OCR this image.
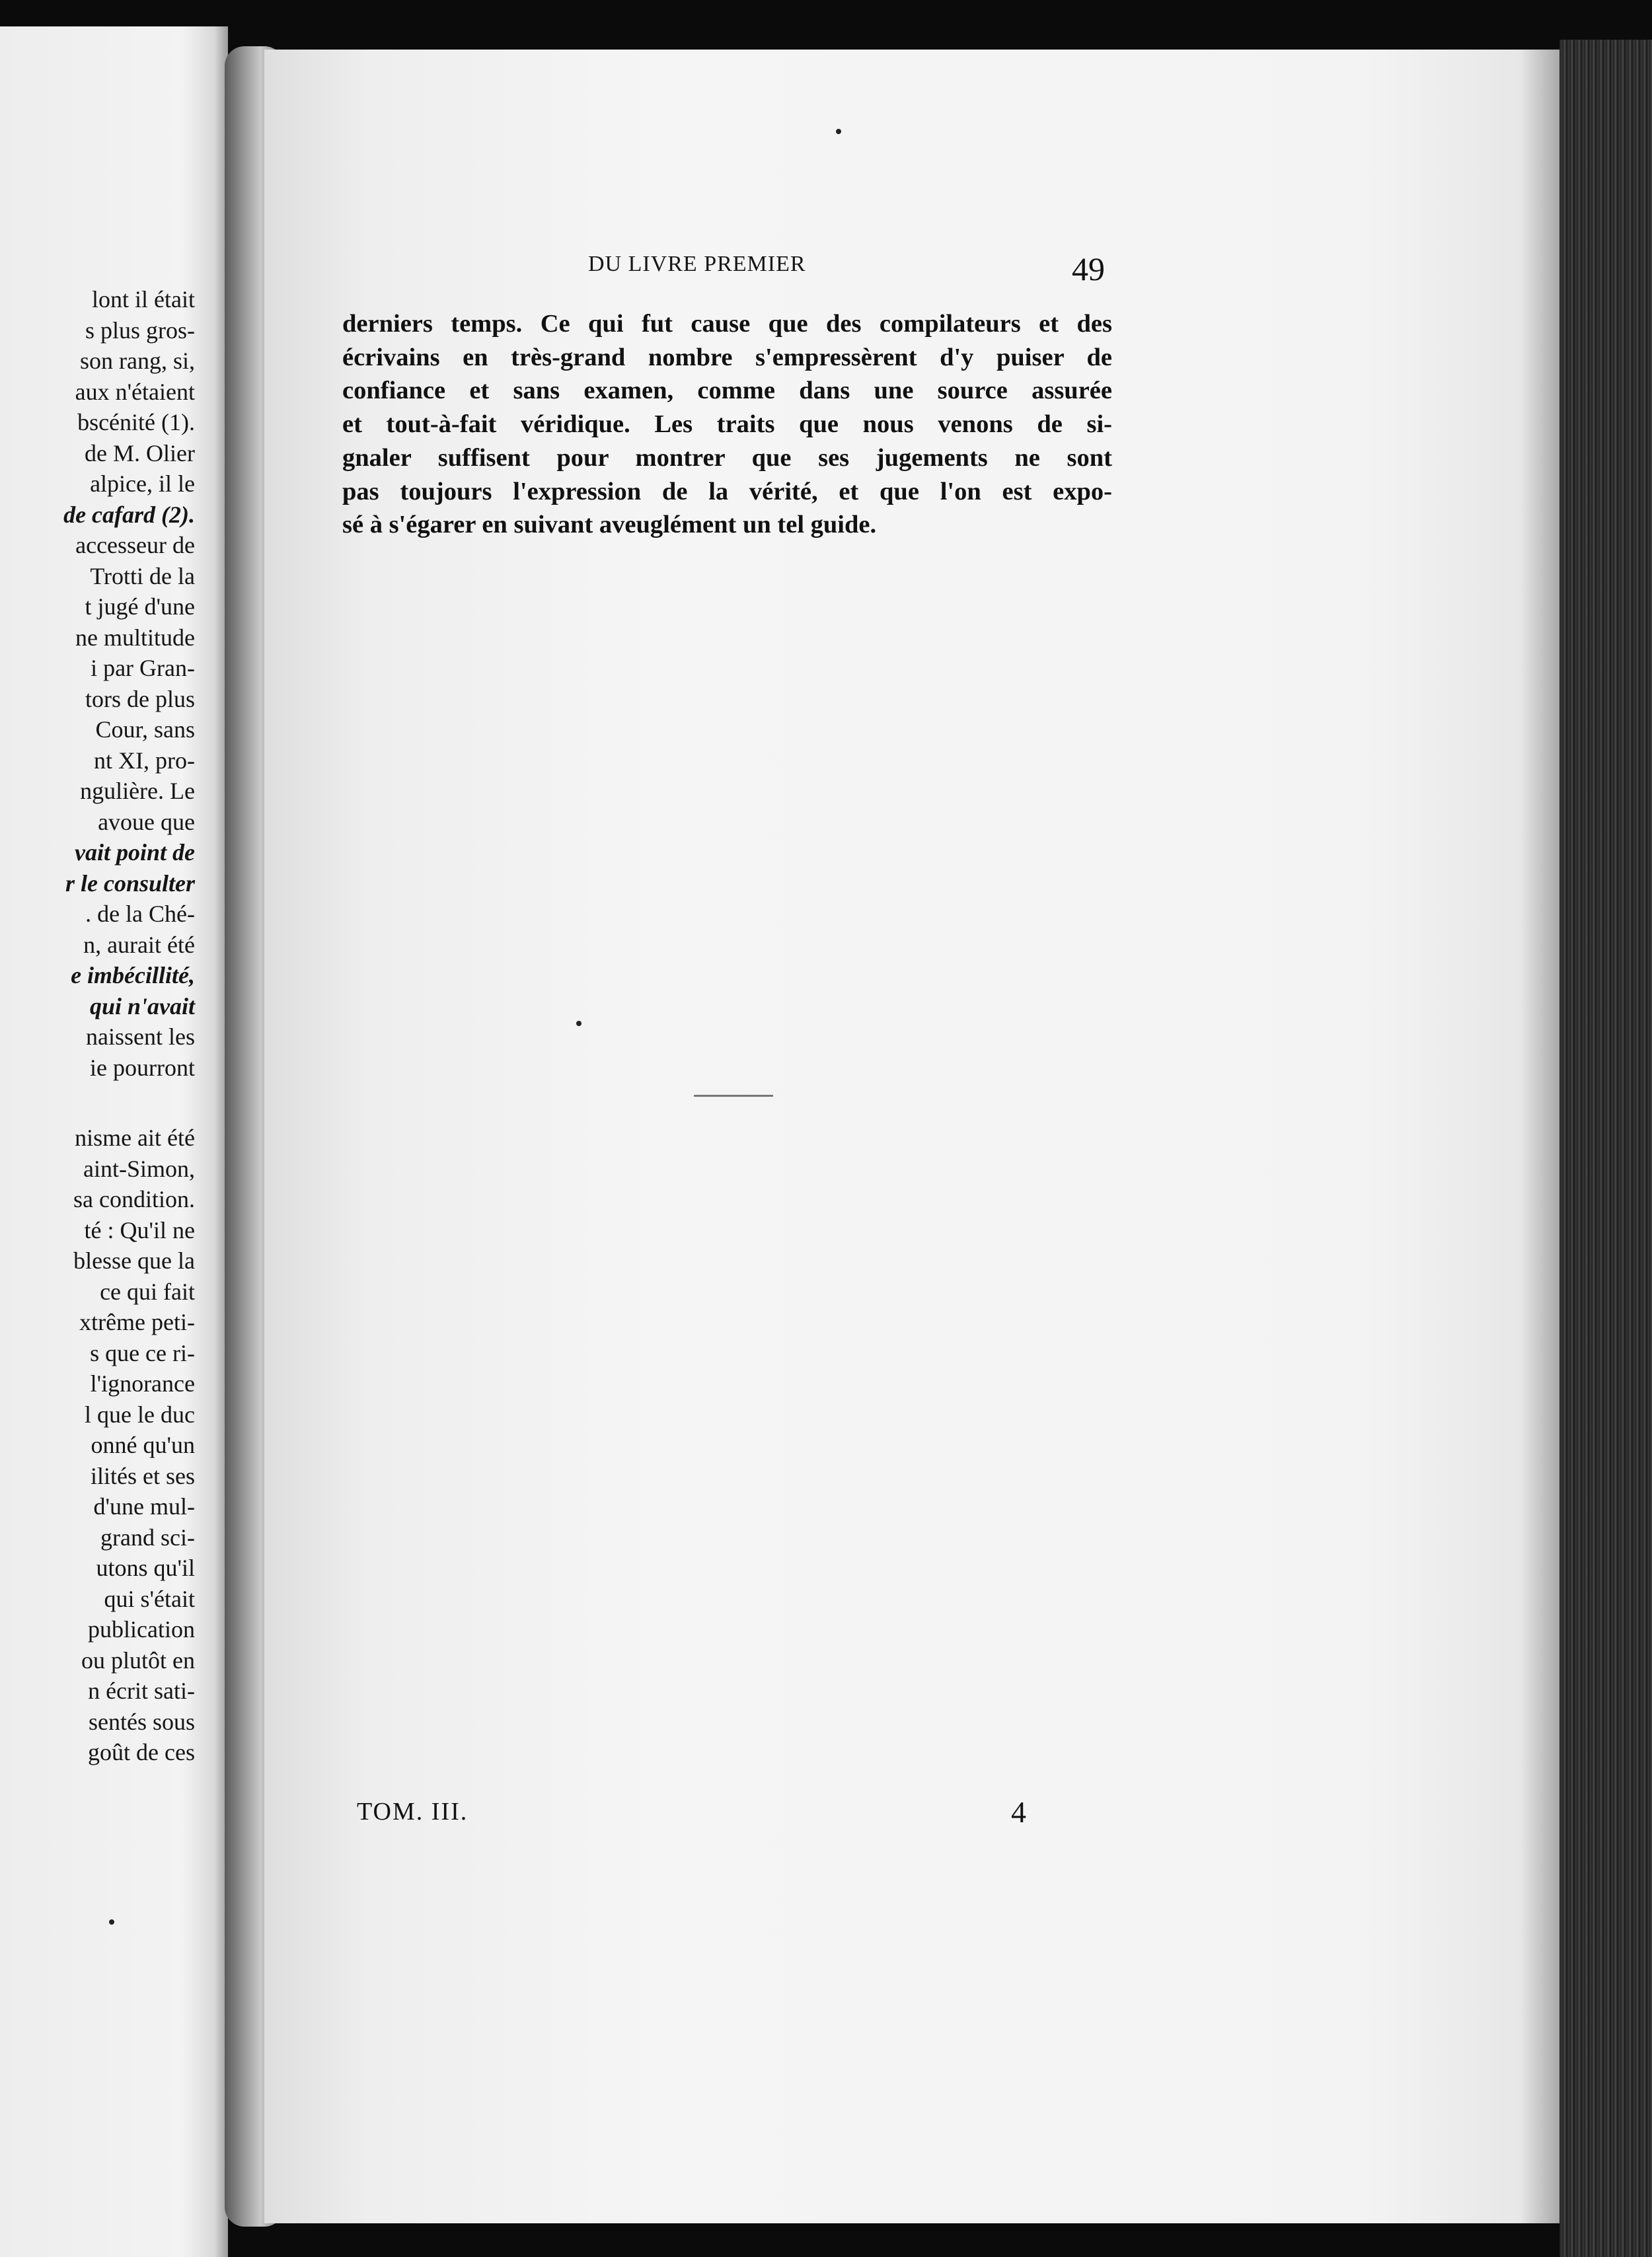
lont il était
s plus gros-
son rang, si,
aux n'étaient
bscénité (1).
de M. Olier
alpice, il le
de cafard (2).
accesseur de
Trotti de la
t jugé d'une
ne multitude
i par Gran-
tors de plus
Cour, sans
nt XI, pro-
ngulière. Le
avoue que
vait point de
r le consulter
. de la Ché-
n, aurait été
e imbécillité,
qui n'avait
naissent les
ie pourront
nisme ait été
aint-Simon,
sa condition.
té : Qu'il ne
blesse que la
ce qui fait
xtrême peti-
s que ce ri-
l'ignorance
l que le duc
onné qu'un
ilités et ses
d'une mul-
grand sci-
utons qu'il
qui s'était
publication
ou plutôt en
n écrit sati-
sentés sous
goût de ces
DU LIVRE PREMIER	49
derniers temps. Ce qui fut cause que des compilateurs et des
écrivains en très-grand nombre s'empressèrent d'y puiser de
confiance et sans examen, comme dans une source assurée
et tout-à-fait véridique. Les traits que nous venons de si-
gnaler suffisent pour montrer que ses jugements ne sont
pas toujours l'expression de la vérité, et que l'on est expo-
sé à s'égarer en suivant aveuglément un tel guide.
TOM. III.	4
